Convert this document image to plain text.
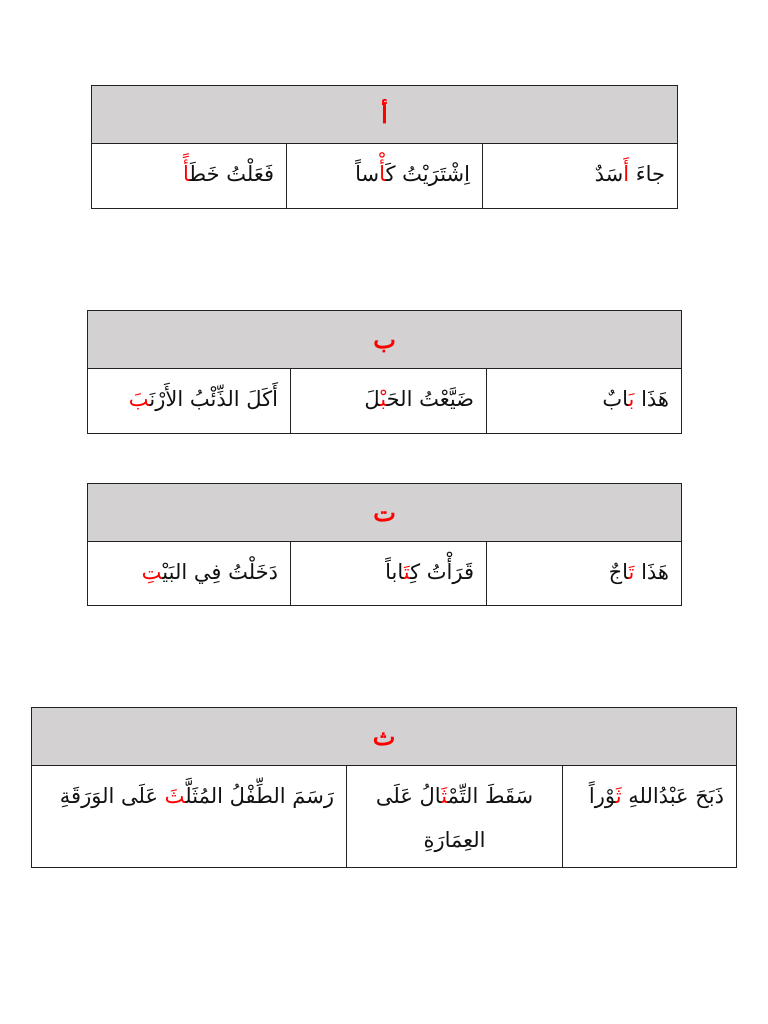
أ
جاءَ أَسَدٌ
اِشْتَرَيْتُ كَأْساً
فَعَلْتُ خَطَأً
ب
هَذَا بَابٌ
ضَيَّعْتُ الحَبْلَ
أَكَلَ الذِّئْبُ الأَرْنَبَ
ت
هَذَا تَاجٌ
قَرَأْتُ كِتَاباً
دَخَلْتُ فِي البَيْتِ
ث
ذَبَحَ عَبْدُاللهِ ثَوْراً
سَقَطَ التِّمْثَالُ عَلَى العِمَارَةِ
رَسَمَ الطِّفْلُ المُثَلَّثَ عَلَى الوَرَقَةِ
